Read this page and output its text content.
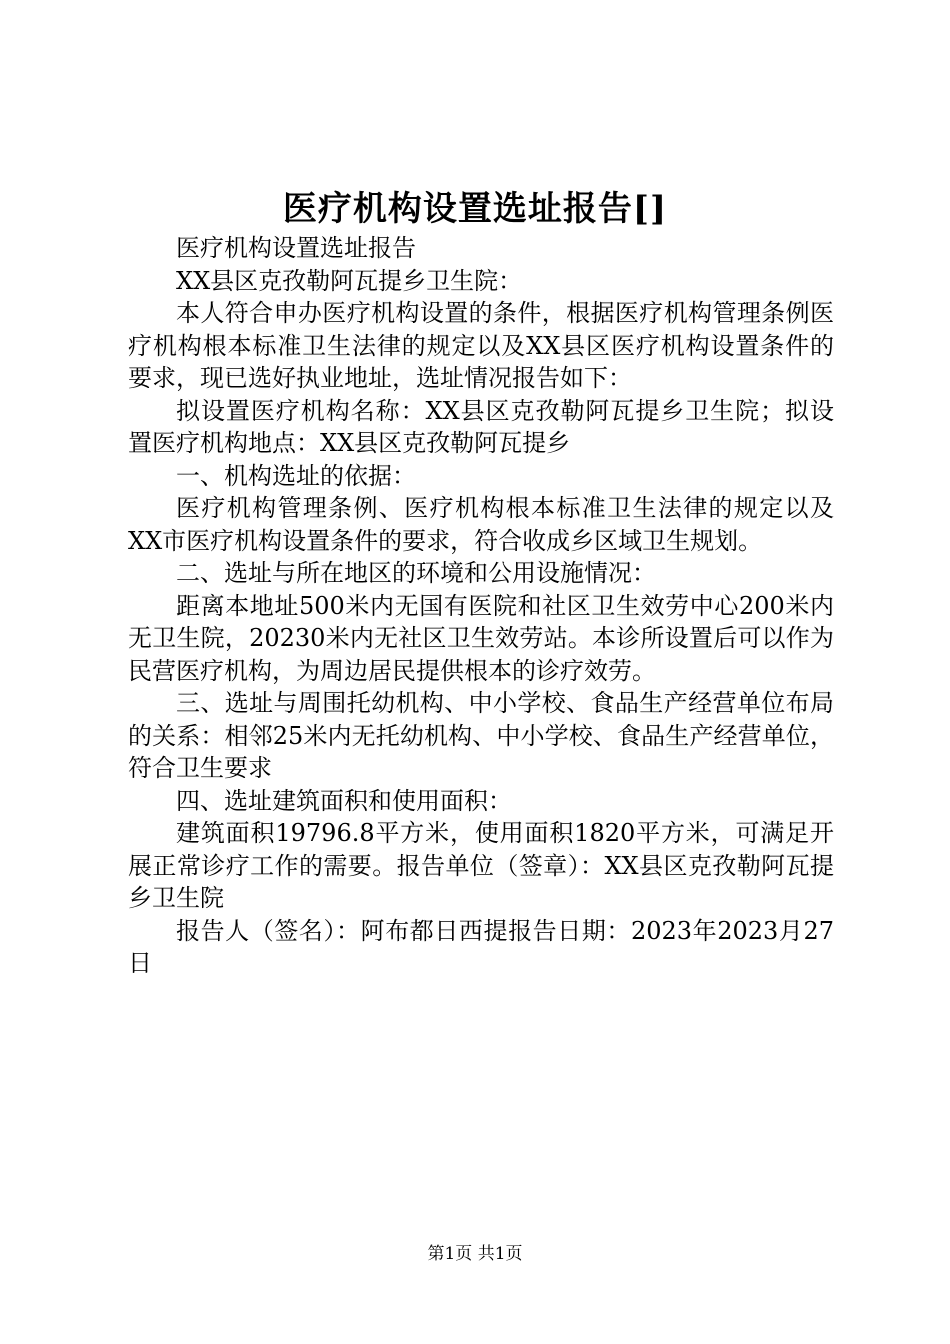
医疗机构设置选址报告[]

医疗机构设置选址报告

XX县区克孜勒阿瓦提乡卫生院：

本人符合申办医疗机构设置的条件，根据医疗机构管理条例医疗机构根本标准卫生法律的规定以及XX县区医疗机构设置条件的要求，现已选好执业地址，选址情况报告如下：

拟设置医疗机构名称：XX县区克孜勒阿瓦提乡卫生院；拟设置医疗机构地点：XX县区克孜勒阿瓦提乡

一、机构选址的依据：

医疗机构管理条例、医疗机构根本标准卫生法律的规定以及XX市医疗机构设置条件的要求，符合收成乡区域卫生规划。

二、选址与所在地区的环境和公用设施情况：

距离本地址500米内无国有医院和社区卫生效劳中心200米内无卫生院，20230米内无社区卫生效劳站。本诊所设置后可以作为民营医疗机构，为周边居民提供根本的诊疗效劳。

三、选址与周围托幼机构、中小学校、食品生产经营单位布局的关系：相邻25米内无托幼机构、中小学校、食品生产经营单位，符合卫生要求

四、选址建筑面积和使用面积：

建筑面积19796.8平方米，使用面积1820平方米，可满足开展正常诊疗工作的需要。报告单位（签章）：XX县区克孜勒阿瓦提乡卫生院

报告人（签名）：阿布都日西提报告日期：2023年2023月27日

第1页 共1页
